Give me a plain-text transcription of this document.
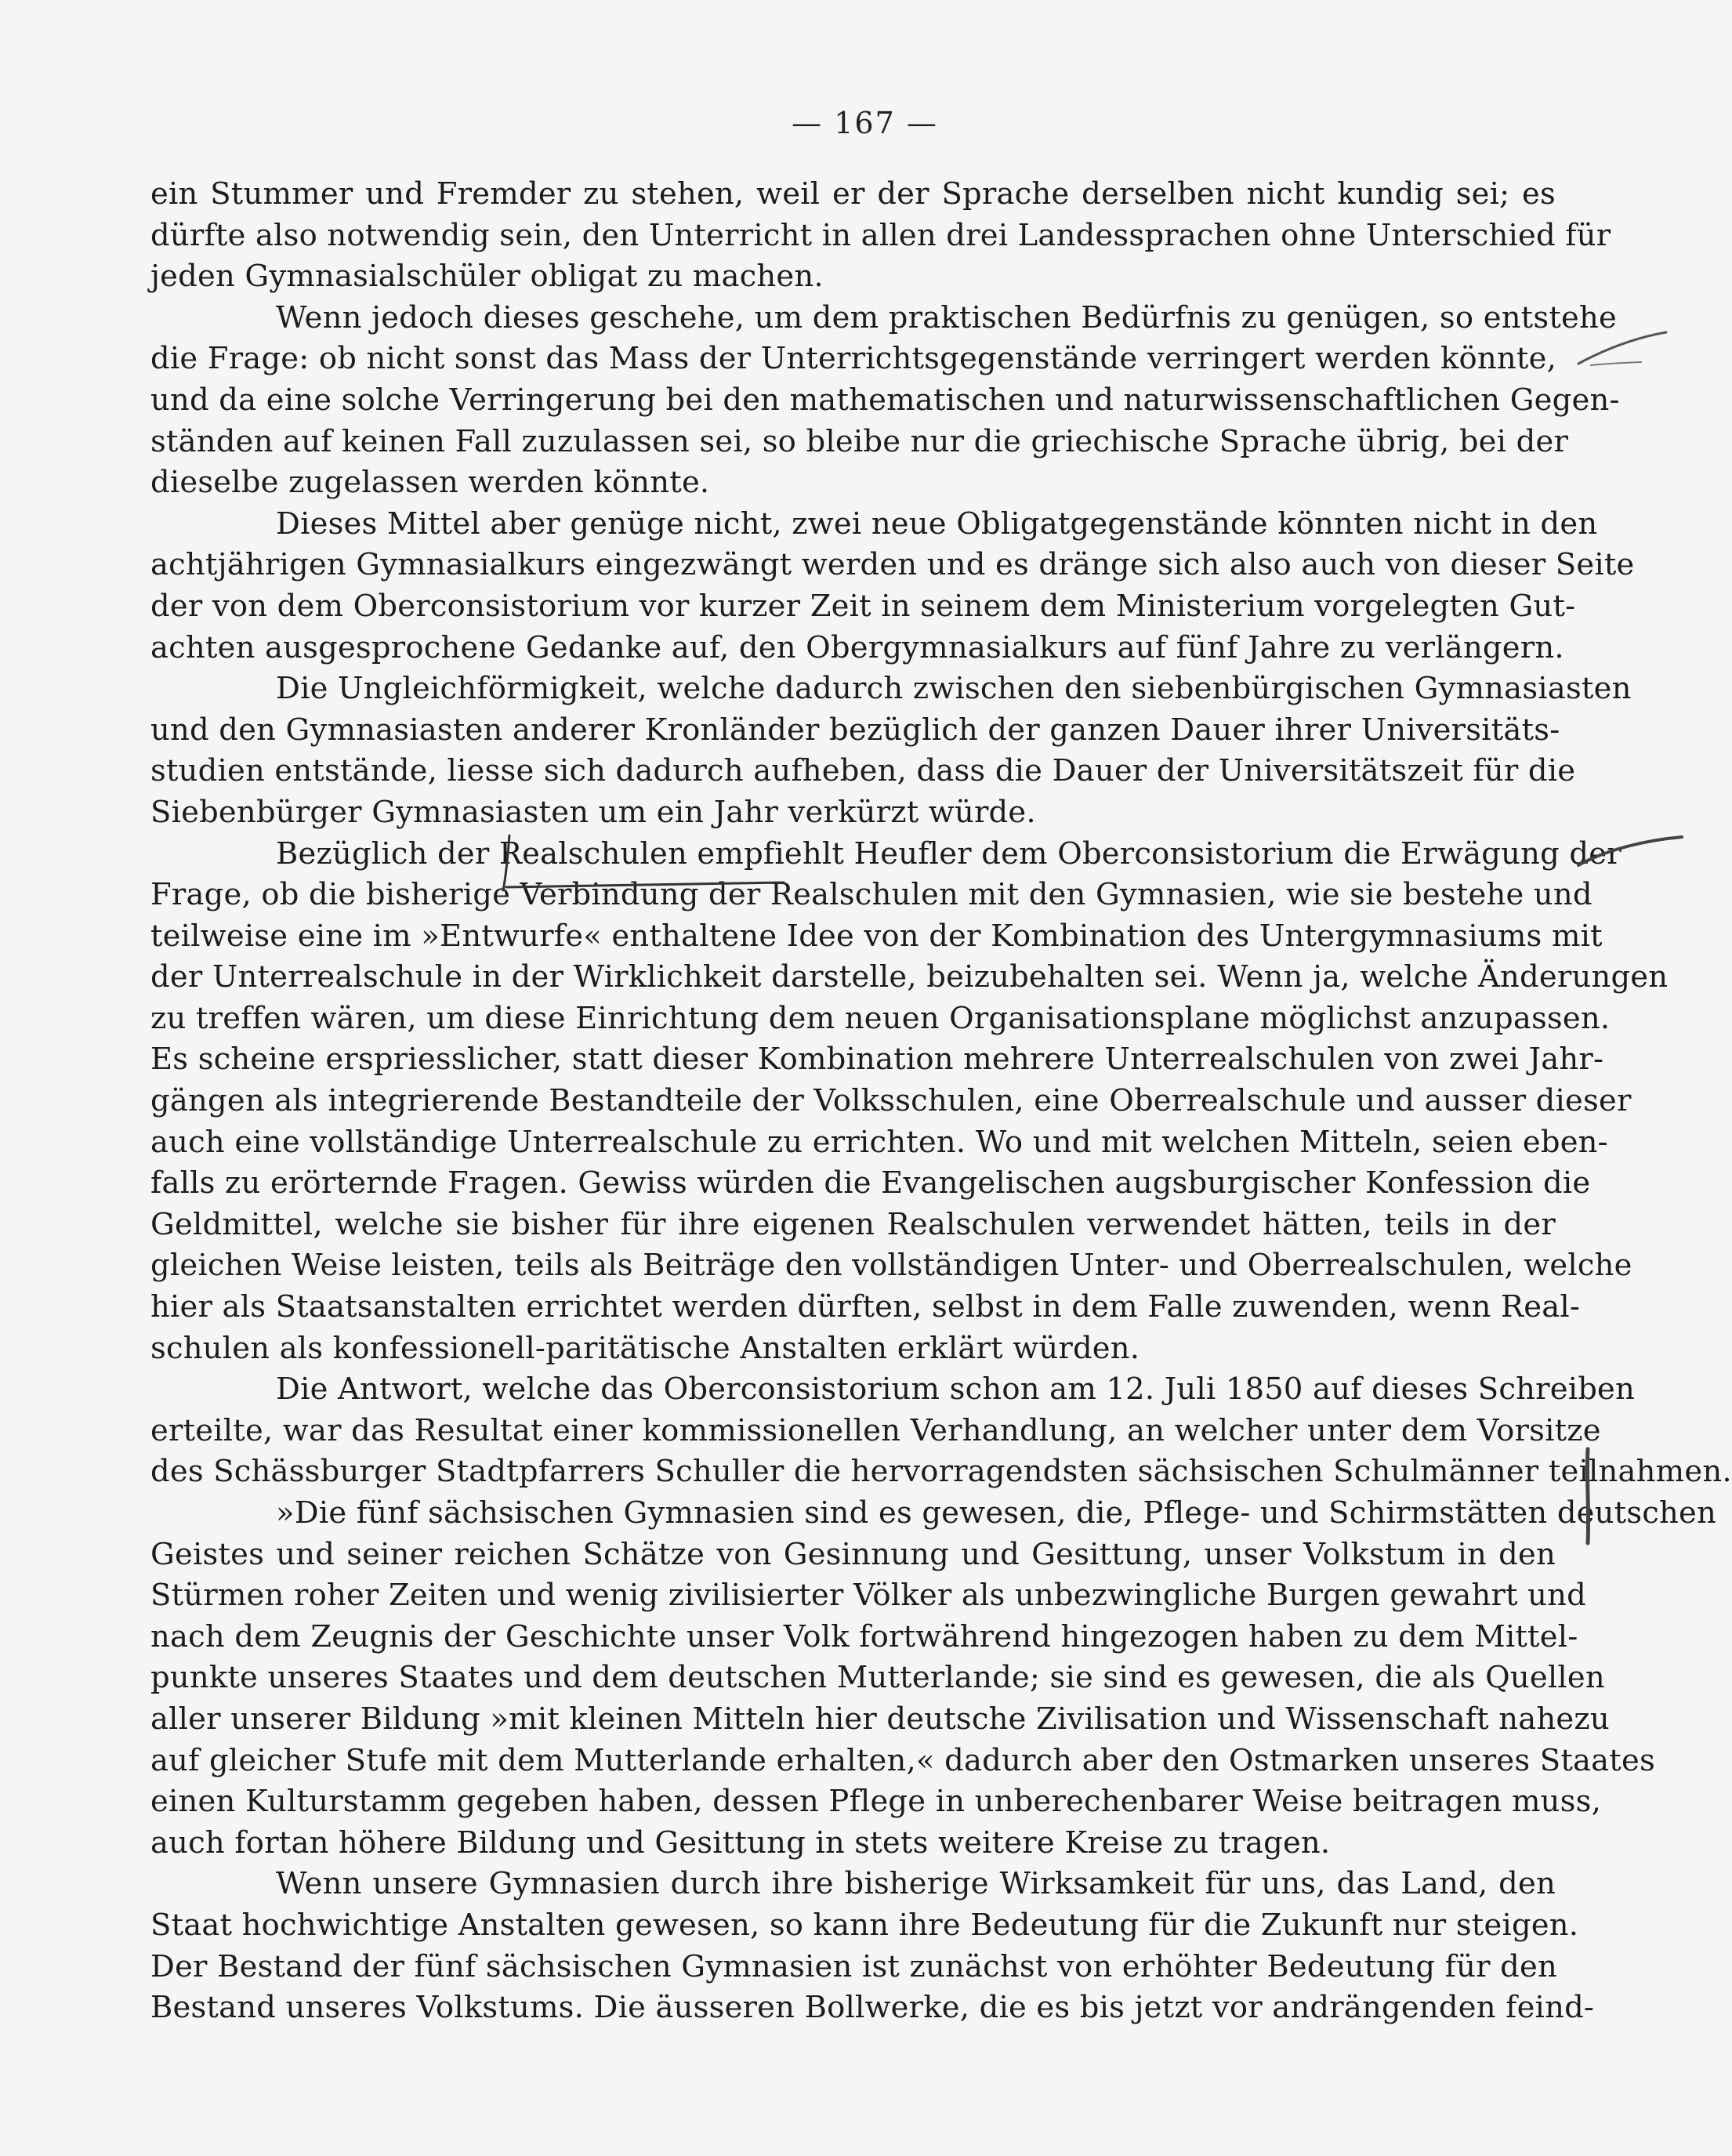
— 167 —

ein Stummer und Fremder zu stehen, weil er der Sprache derselben nicht kundig sei; es

dürfte also notwendig sein, den Unterricht in allen drei Landessprachen ohne Unterschied für

jeden Gymnasialschüler obligat zu machen.

Wenn jedoch dieses geschehe, um dem praktischen Bedürfnis zu genügen, so entstehe

die Frage: ob nicht sonst das Mass der Unterrichtsgegenstände verringert werden könnte,

und da eine solche Verringerung bei den mathematischen und naturwissenschaftlichen Gegen-

ständen auf keinen Fall zuzulassen sei, so bleibe nur die griechische Sprache übrig, bei der

dieselbe zugelassen werden könnte.

Dieses Mittel aber genüge nicht, zwei neue Obligatgegenstände könnten nicht in den

achtjährigen Gymnasialkurs eingezwängt werden und es dränge sich also auch von dieser Seite

der von dem Oberconsistorium vor kurzer Zeit in seinem dem Ministerium vorgelegten Gut-

achten ausgesprochene Gedanke auf, den Obergymnasialkurs auf fünf Jahre zu verlängern.

Die Ungleichförmigkeit, welche dadurch zwischen den siebenbürgischen Gymnasiasten

und den Gymnasiasten anderer Kronländer bezüglich der ganzen Dauer ihrer Universitäts-

studien entstände, liesse sich dadurch aufheben, dass die Dauer der Universitätszeit für die

Siebenbürger Gymnasiasten um ein Jahr verkürzt würde.

Bezüglich der Realschulen empfiehlt Heufler dem Oberconsistorium die Erwägung der

Frage, ob die bisherige Verbindung der Realschulen mit den Gymnasien, wie sie bestehe und

teilweise eine im »Entwurfe« enthaltene Idee von der Kombination des Untergymnasiums mit

der Unterrealschule in der Wirklichkeit darstelle, beizubehalten sei. Wenn ja, welche Änderungen

zu treffen wären, um diese Einrichtung dem neuen Organisationsplane möglichst anzupassen.

Es scheine erspriesslicher, statt dieser Kombination mehrere Unterrealschulen von zwei Jahr-

gängen als integrierende Bestandteile der Volksschulen, eine Oberrealschule und ausser dieser

auch eine vollständige Unterrealschule zu errichten. Wo und mit welchen Mitteln, seien eben-

falls zu erörternde Fragen. Gewiss würden die Evangelischen augsburgischer Konfession die

Geldmittel, welche sie bisher für ihre eigenen Realschulen verwendet hätten, teils in der

gleichen Weise leisten, teils als Beiträge den vollständigen Unter- und Oberrealschulen, welche

hier als Staatsanstalten errichtet werden dürften, selbst in dem Falle zuwenden, wenn Real-

schulen als konfessionell-paritätische Anstalten erklärt würden.

Die Antwort, welche das Oberconsistorium schon am 12. Juli 1850 auf dieses Schreiben

erteilte, war das Resultat einer kommissionellen Verhandlung, an welcher unter dem Vorsitze

des Schässburger Stadtpfarrers Schuller die hervorragendsten sächsischen Schulmänner teilnahmen.

»Die fünf sächsischen Gymnasien sind es gewesen, die, Pflege- und Schirmstätten deutschen

Geistes und seiner reichen Schätze von Gesinnung und Gesittung, unser Volkstum in den

Stürmen roher Zeiten und wenig zivilisierter Völker als unbezwingliche Burgen gewahrt und

nach dem Zeugnis der Geschichte unser Volk fortwährend hingezogen haben zu dem Mittel-

punkte unseres Staates und dem deutschen Mutterlande; sie sind es gewesen, die als Quellen

aller unserer Bildung »mit kleinen Mitteln hier deutsche Zivilisation und Wissenschaft nahezu

auf gleicher Stufe mit dem Mutterlande erhalten,« dadurch aber den Ostmarken unseres Staates

einen Kulturstamm gegeben haben, dessen Pflege in unberechenbarer Weise beitragen muss,

auch fortan höhere Bildung und Gesittung in stets weitere Kreise zu tragen.

Wenn unsere Gymnasien durch ihre bisherige Wirksamkeit für uns, das Land, den

Staat hochwichtige Anstalten gewesen, so kann ihre Bedeutung für die Zukunft nur steigen.

Der Bestand der fünf sächsischen Gymnasien ist zunächst von erhöhter Bedeutung für den

Bestand unseres Volkstums. Die äusseren Bollwerke, die es bis jetzt vor andrängenden feind-
